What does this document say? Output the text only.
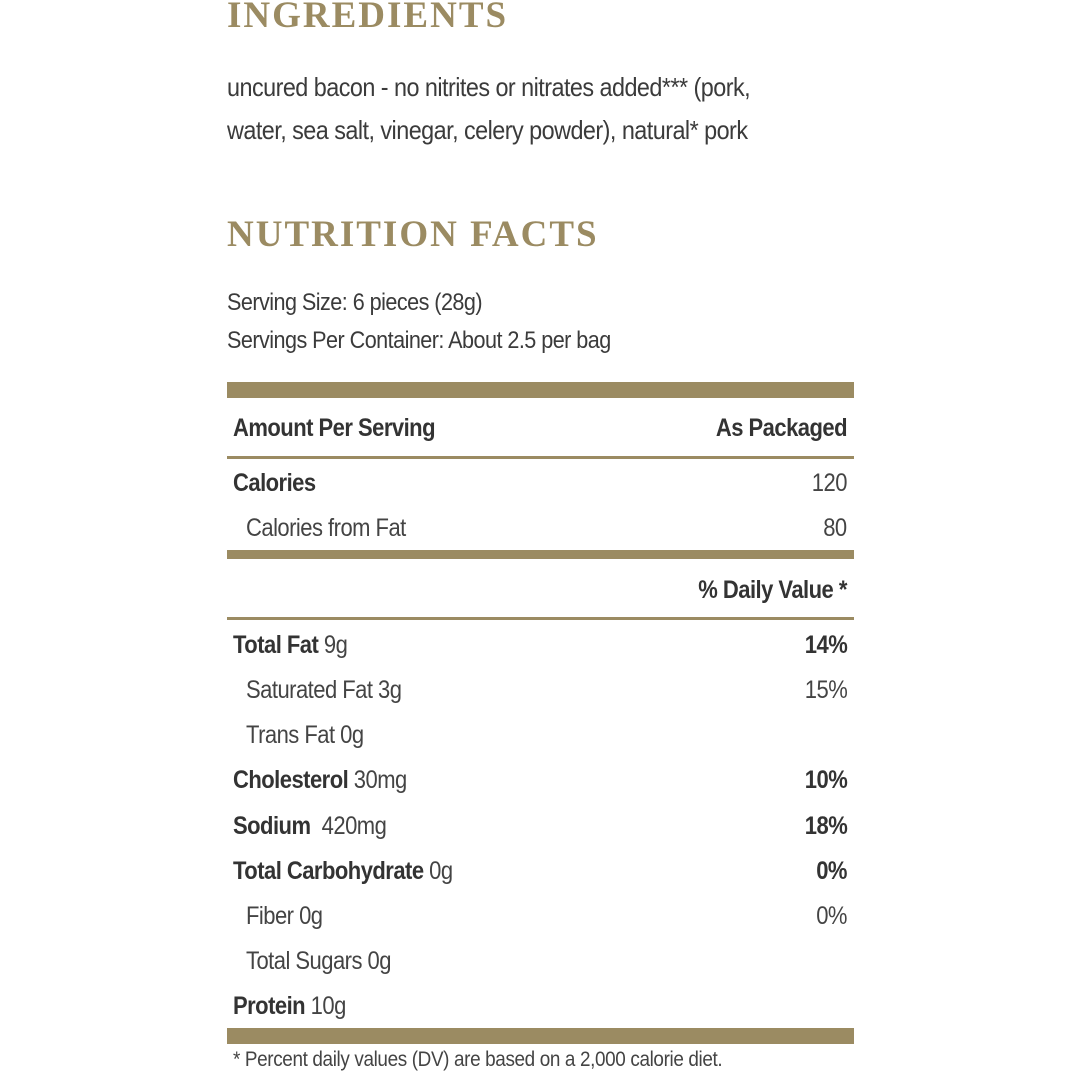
INGREDIENTS
uncured bacon - no nitrites or nitrates added*** (pork,
water, sea salt, vinegar, celery powder), natural* pork
NUTRITION FACTS
Serving Size: 6 pieces (28g)
Servings Per Container: About 2.5 per bag
Amount Per Serving	As Packaged
Calories	120
Calories from Fat	80
% Daily Value *
Total Fat 9g	14%
Saturated Fat 3g	15%
Trans Fat 0g
Cholesterol 30mg	10%
Sodium  420mg	18%
Total Carbohydrate 0g	0%
Fiber 0g	0%
Total Sugars 0g
Protein 10g
* Percent daily values (DV) are based on a 2,000 calorie diet.
